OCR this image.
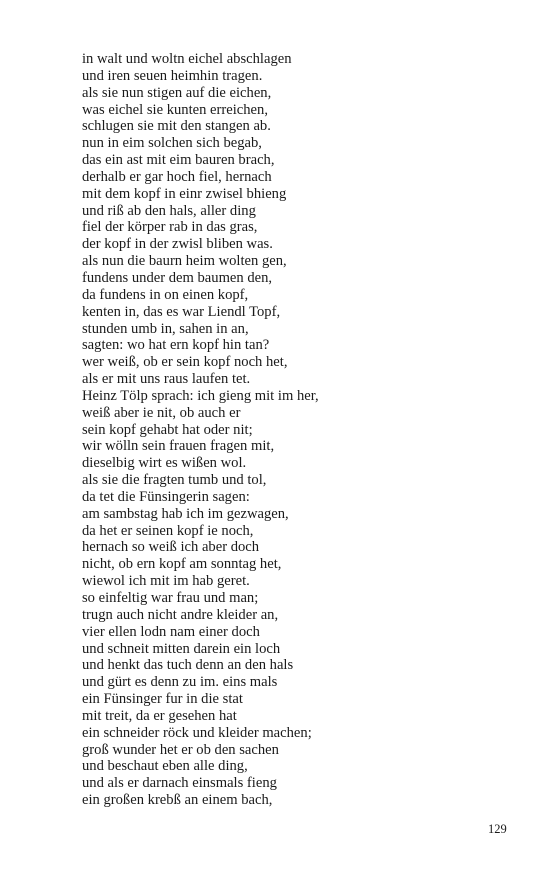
in walt und woltn eichel abschlagen
und iren seuen heimhin tragen.
als sie nun stigen auf die eichen,
was eichel sie kunten erreichen,
schlugen sie mit den stangen ab.
nun in eim solchen sich begab,
das ein ast mit eim bauren brach,
derhalb er gar hoch fiel, hernach
mit dem kopf in einr zwisel bhieng
und riß ab den hals, aller ding
fiel der körper rab in das gras,
der kopf in der zwisl bliben was.
als nun die baurn heim wolten gen,
fundens under dem baumen den,
da fundens in on einen kopf,
kenten in, das es war Liendl Topf,
stunden umb in, sahen in an,
sagten: wo hat ern kopf hin tan?
wer weiß, ob er sein kopf noch het,
als er mit uns raus laufen tet.
Heinz Tölp sprach: ich gieng mit im her,
weiß aber ie nit, ob auch er
sein kopf gehabt hat oder nit;
wir wölln sein frauen fragen mit,
dieselbig wirt es wißen wol.
als sie die fragten tumb und tol,
da tet die Fünsingerin sagen:
am sambstag hab ich im gezwagen,
da het er seinen kopf ie noch,
hernach so weiß ich aber doch
nicht, ob ern kopf am sonntag het,
wiewol ich mit im hab geret.
so einfeltig war frau und man;
trugn auch nicht andre kleider an,
vier ellen lodn nam einer doch
und schneit mitten darein ein loch
und henkt das tuch denn an den hals
und gürt es denn zu im. eins mals
ein Fünsinger fur in die stat
mit treit, da er gesehen hat
ein schneider röck und kleider machen;
groß wunder het er ob den sachen
und beschaut eben alle ding,
und als er darnach einsmals fieng
ein großen krebß an einem bach,
129
